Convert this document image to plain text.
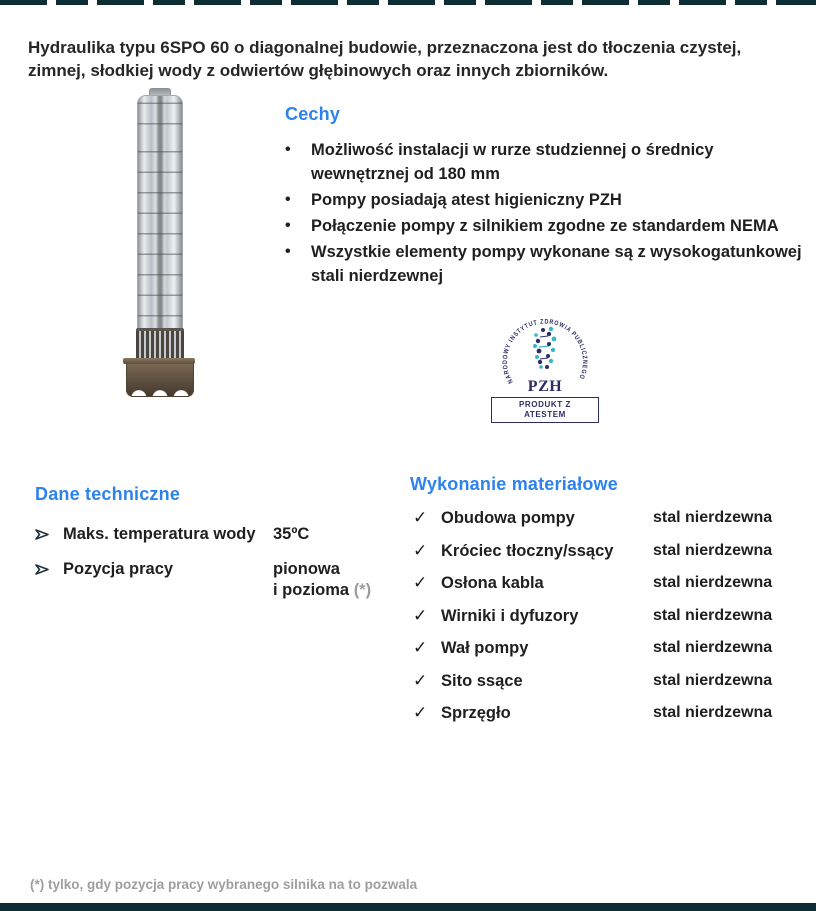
Hydraulika typu 6SPO 60 o diagonalnej budowie, przeznaczona jest do tłoczenia czystej, zimnej, słodkiej wody z odwiertów głębinowych oraz innych zbiorników.

Cechy
•	Możliwość instalacji w rurze studziennej o średnicy wewnętrznej od 180 mm
•	Pompy posiadają atest higieniczny PZH
•	Połączenie pompy z silnikiem zgodne ze standardem NEMA
•	Wszystkie elementy pompy wykonane są z wysokogatunkowej stali nierdzewnej
NARODOWY INSTYTUT ZDROWIA PUBLICZNEGO
PZH
PRODUKT Z ATESTEM
Dane techniczne
Maks. temperatura wody	35ºC
Pozycja pracy	pionowa
i pozioma (*)
Wykonanie materiałowe
✓ Obudowa pompy	stal nierdzewna
✓ Króciec tłoczny/ssący	stal nierdzewna
✓ Osłona kabla	stal nierdzewna
✓ Wirniki i dyfuzory	stal nierdzewna
✓ Wał pompy	stal nierdzewna
✓ Sito ssące	stal nierdzewna
✓ Sprzęgło	stal nierdzewna
(*) tylko, gdy pozycja pracy wybranego silnika na to pozwala
